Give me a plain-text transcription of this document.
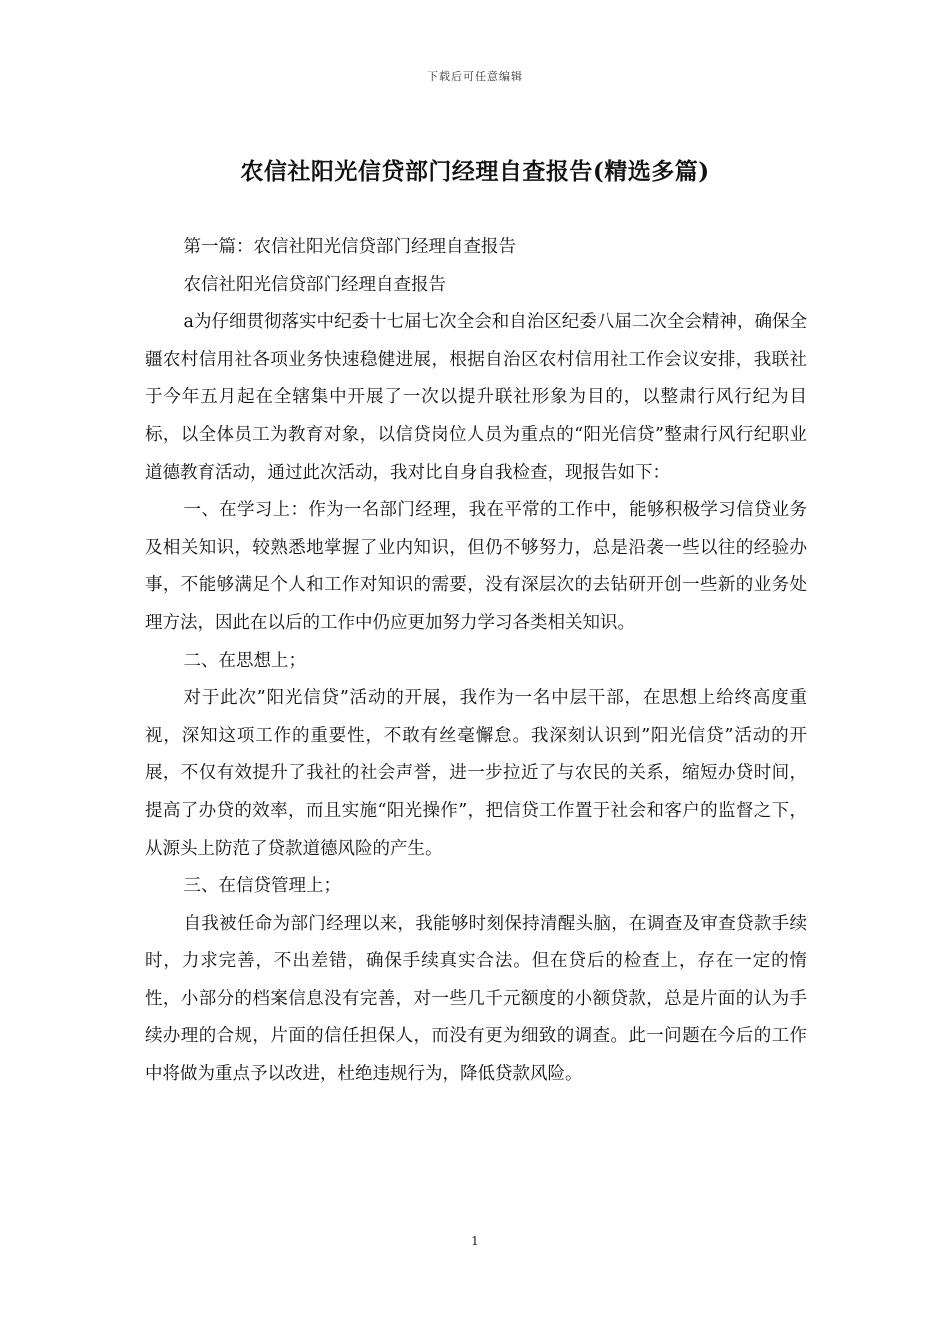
下载后可任意编辑
农信社阳光信贷部门经理自查报告(精选多篇)

第一篇：农信社阳光信贷部门经理自查报告

农信社阳光信贷部门经理自查报告

a为仔细贯彻落实中纪委十七届七次全会和自治区纪委八届二次全会精神，确保全疆农村信用社各项业务快速稳健进展，根据自治区农村信用社工作会议安排，我联社于今年五月起在全辖集中开展了一次以提升联社形象为目的，以整肃行风行纪为目标，以全体员工为教育对象，以信贷岗位人员为重点的“阳光信贷”整肃行风行纪职业道德教育活动，通过此次活动，我对比自身自我检查，现报告如下：

一、在学习上：作为一名部门经理，我在平常的工作中，能够积极学习信贷业务及相关知识，较熟悉地掌握了业内知识，但仍不够努力，总是沿袭一些以往的经验办事，不能够满足个人和工作对知识的需要，没有深层次的去钻研开创一些新的业务处理方法，因此在以后的工作中仍应更加努力学习各类相关知识。

二、在思想上；

对于此次”阳光信贷”活动的开展，我作为一名中层干部，在思想上给终高度重视，深知这项工作的重要性，不敢有丝毫懈怠。我深刻认识到”阳光信贷”活动的开展，不仅有效提升了我社的社会声誉，进一步拉近了与农民的关系，缩短办贷时间，提高了办贷的效率，而且实施“阳光操作”，把信贷工作置于社会和客户的监督之下，从源头上防范了贷款道德风险的产生。

三、在信贷管理上；

自我被任命为部门经理以来，我能够时刻保持清醒头脑，在调查及审查贷款手续时，力求完善，不出差错，确保手续真实合法。但在贷后的检查上，存在一定的惰性，小部分的档案信息没有完善，对一些几千元额度的小额贷款，总是片面的认为手续办理的合规，片面的信任担保人，而没有更为细致的调查。此一问题在今后的工作中将做为重点予以改进，杜绝违规行为，降低贷款风险。

1
